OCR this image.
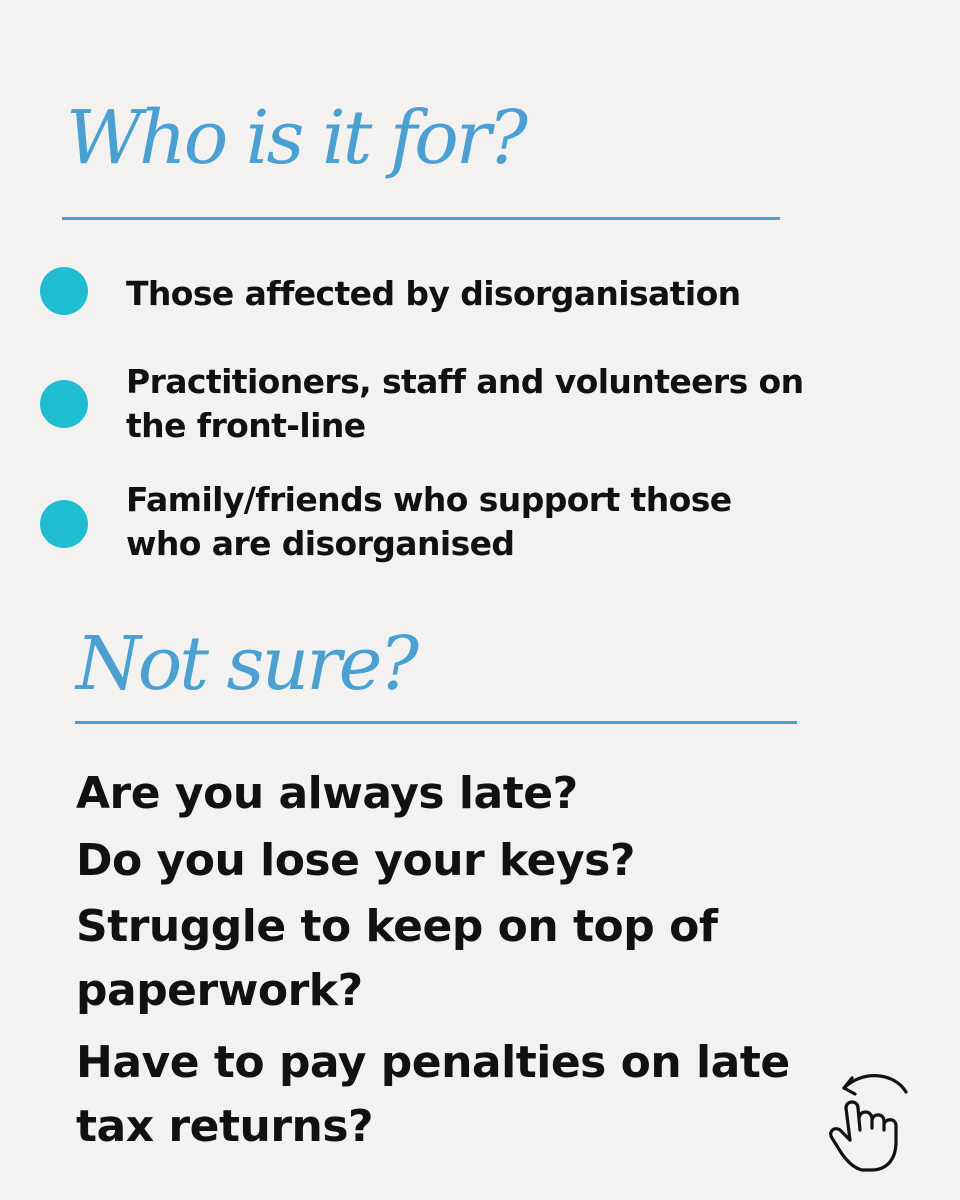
Who is it for?
Those affected by disorganisation
Practitioners, staff and volunteers on
the front-line
Family/friends who support those
who are disorganised
Not sure?
Are you always late?
Do you lose your keys?
Struggle to keep on top of
paperwork?
Have to pay penalties on late
tax returns?
